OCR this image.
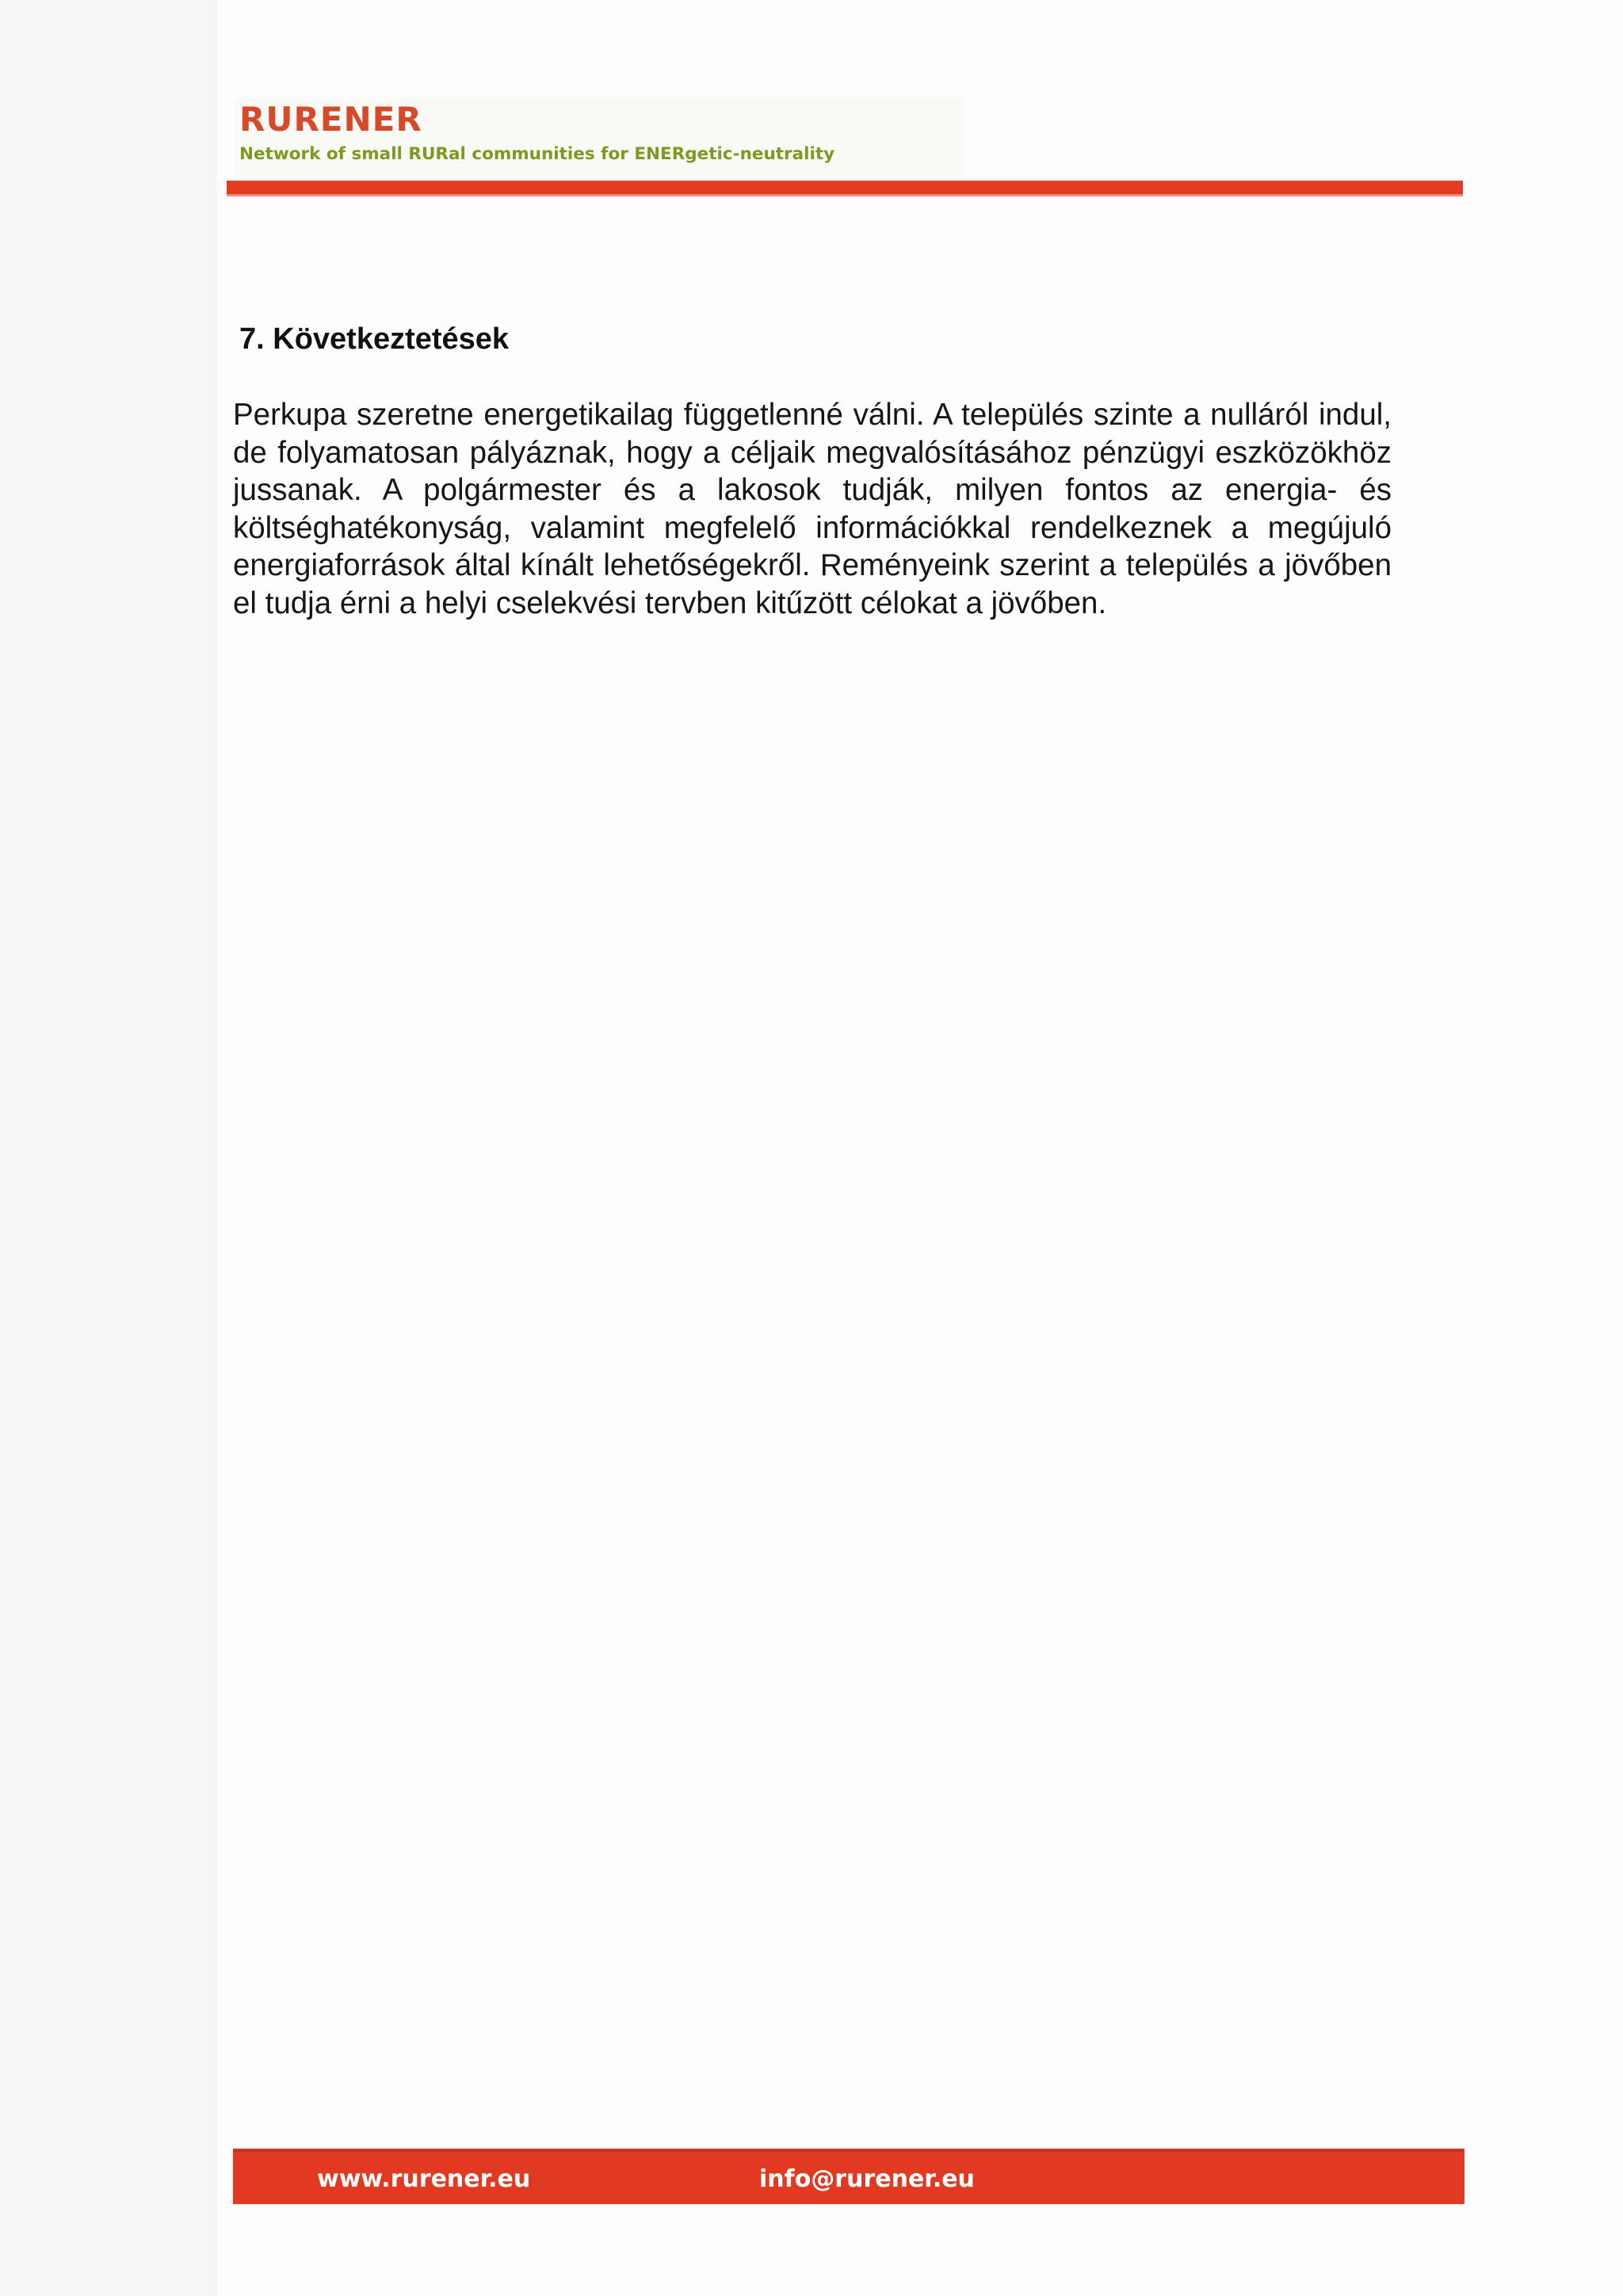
RURENER
Network of small RURal communities for ENERgetic-neutrality
7. Következtetések

Perkupa szeretne energetikailag függetlenné válni. A település szinte a nulláról indul, de folyamatosan pályáznak, hogy a céljaik megvalósításához pénzügyi eszközökhöz jussanak. A polgármester és a lakosok tudják, milyen fontos az energia- és költséghatékonyság, valamint megfelelő információkkal rendelkeznek a megújuló energiaforrások által kínált lehetőségekről. Reményeink szerint a település a jövőben el tudja érni a helyi cselekvési tervben kitűzött célokat a jövőben.

www.rurener.eu	info@rurener.eu
